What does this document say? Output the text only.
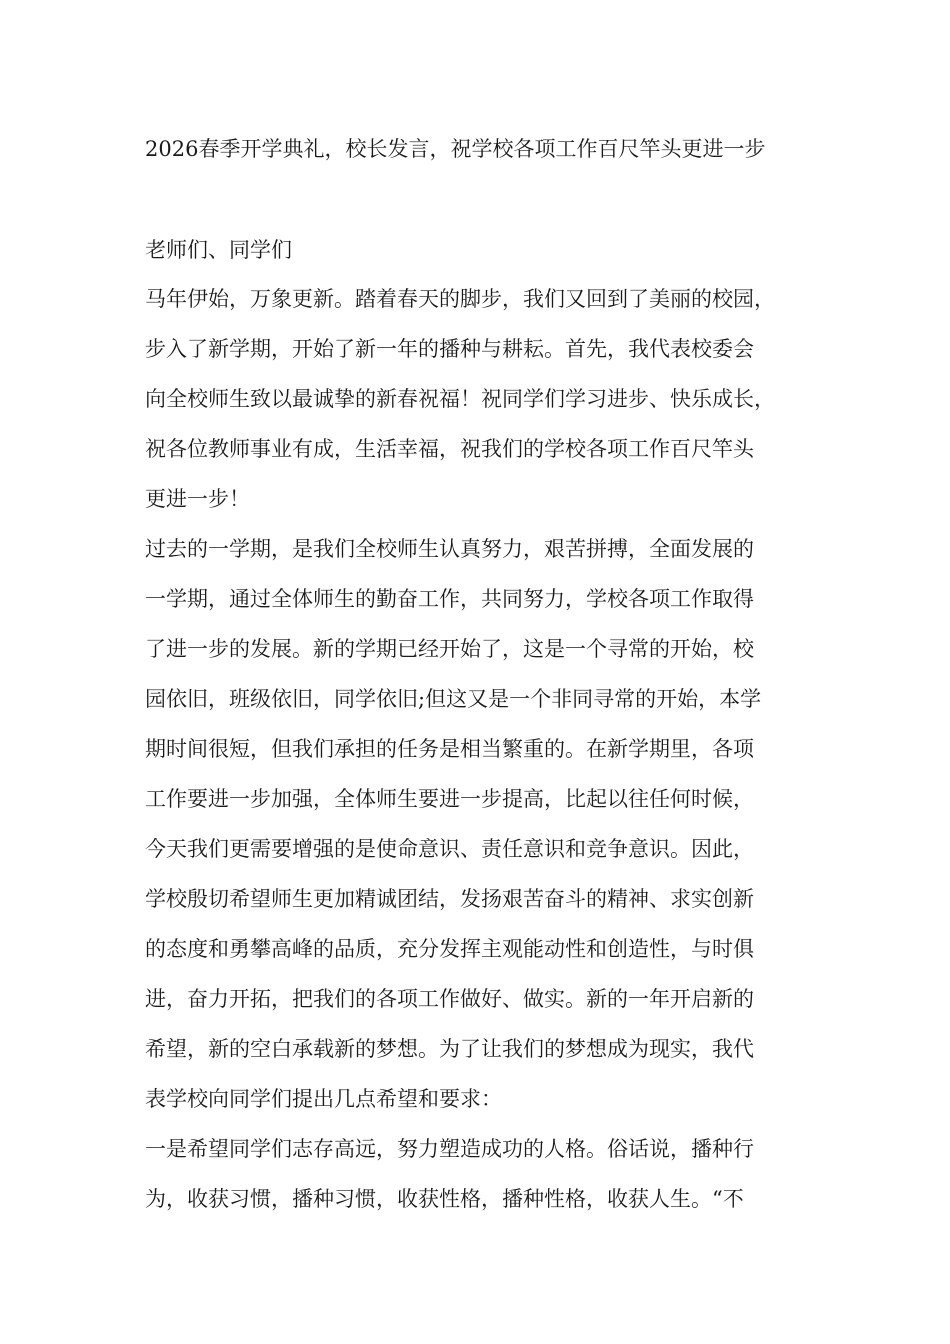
2026春季开学典礼，校长发言，祝学校各项工作百尺竿头更进一步
老师们、同学们
马年伊始，万象更新。踏着春天的脚步，我们又回到了美丽的校园，
步入了新学期，开始了新一年的播种与耕耘。首先，我代表校委会
向全校师生致以最诚挚的新春祝福！祝同学们学习进步、快乐成长，
祝各位教师事业有成，生活幸福，祝我们的学校各项工作百尺竿头
更进一步！
过去的一学期，是我们全校师生认真努力，艰苦拼搏，全面发展的
一学期，通过全体师生的勤奋工作，共同努力，学校各项工作取得
了进一步的发展。新的学期已经开始了，这是一个寻常的开始，校
园依旧，班级依旧，同学依旧;但这又是一个非同寻常的开始，本学
期时间很短，但我们承担的任务是相当繁重的。在新学期里，各项
工作要进一步加强，全体师生要进一步提高，比起以往任何时候，
今天我们更需要增强的是使命意识、责任意识和竞争意识。因此，
学校殷切希望师生更加精诚团结，发扬艰苦奋斗的精神、求实创新
的态度和勇攀高峰的品质，充分发挥主观能动性和创造性，与时俱
进，奋力开拓，把我们的各项工作做好、做实。新的一年开启新的
希望，新的空白承载新的梦想。为了让我们的梦想成为现实，我代
表学校向同学们提出几点希望和要求：
一是希望同学们志存高远，努力塑造成功的人格。俗话说，播种行
为，收获习惯，播种习惯，收获性格，播种性格，收获人生。“不
